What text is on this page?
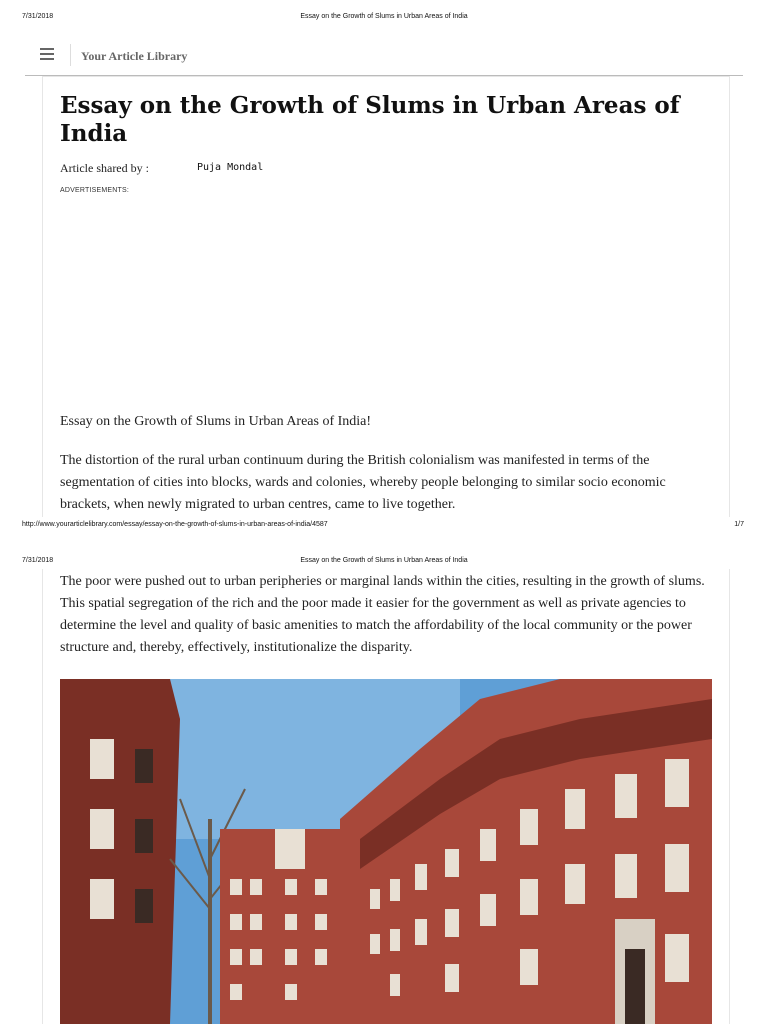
7/31/2018	Essay on the Growth of Slums in Urban Areas of India
Your Article Library
Essay on the Growth of Slums in Urban Areas of India
Article shared by :	Puja Mondal
ADVERTISEMENTS:

Essay on the Growth of Slums in Urban Areas of India!

The distortion of the rural urban continuum during the British colonialism was manifested in terms of the segmentation of cities into blocks, wards and colonies, whereby people belonging to similar socio economic brackets, when newly migrated to urban centres, came to live together.

http://www.yourarticlelibrary.com/essay/essay-on-the-growth-of-slums-in-urban-areas-of-india/4587	1/7
7/31/2018	Essay on the Growth of Slums in Urban Areas of India

The poor were pushed out to urban peripheries or marginal lands within the cities, resulting in the growth of slums. This spatial segregation of the rich and the poor made it easier for the government as well as private agencies to determine the level and quality of basic amenities to match the affordability of the local community or the power structure and, thereby, effectively, institutionalize the disparity.
